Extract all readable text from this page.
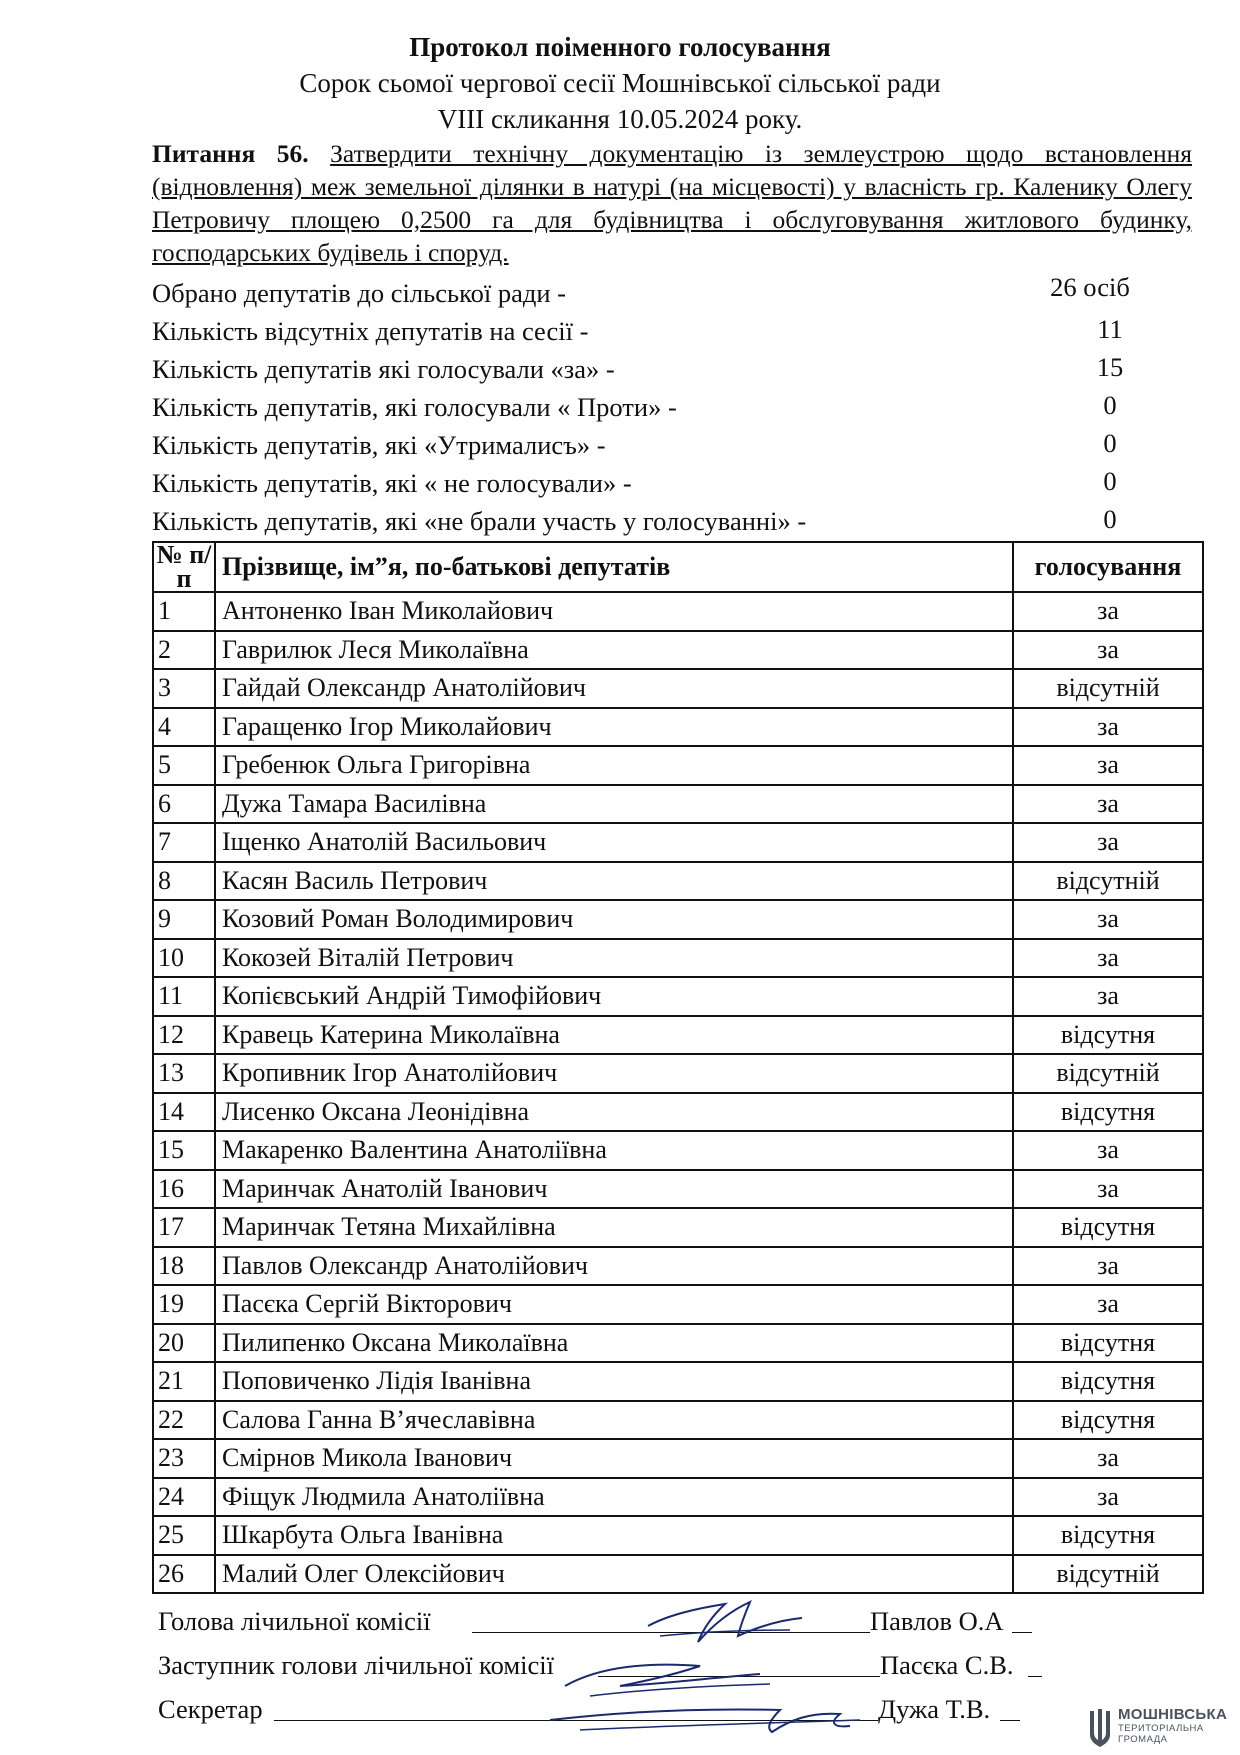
Протокол поіменного голосування
Сорок сьомої чергової сесії Мошнівської сільської ради
VIII скликання 10.05.2024 року.
Питання 56. Затвердити технічну документацію із землеустрою щодо встановлення (відновлення) меж земельної ділянки в натурі (на місцевості) у власність гр. Каленику Олегу Петровичу площею 0,2500 га для будівництва і обслуговування житлового будинку, господарських будівель і споруд.
Обрано депутатів до сільської ради -	26 осіб
Кількість відсутніх депутатів на сесії -	11
Кількість депутатів які голосували «за» -	15
Кількість депутатів, які голосували « Проти» -	0
Кількість депутатів, які «Утрималисъ» -	0
Кількість депутатів, які « не голосували» -	0
Кількість депутатів, які «не брали участь у голосуванні» -	0
№ п/п	Прізвище, ім”я, по-батькові депутатів	голосування
1	Антоненко Іван Миколайович	за
2	Гаврилюк Леся Миколаївна	за
3	Гайдай Олександр Анатолійович	відсутній
4	Гаращенко Ігор Миколайович	за
5	Гребенюк Ольга Григорівна	за
6	Дужа Тамара Василівна	за
7	Іщенко Анатолій Васильович	за
8	Касян Василь Петрович	відсутній
9	Козовий Роман Володимирович	за
10	Кокозей Віталій Петрович	за
11	Копієвський Андрій Тимофійович	за
12	Кравець Катерина Миколаївна	відсутня
13	Кропивник Ігор Анатолійович	відсутній
14	Лисенко Оксана Леонідівна	відсутня
15	Макаренко Валентина Анатоліївна	за
16	Маринчак Анатолій Іванович	за
17	Маринчак Тетяна Михайлівна	відсутня
18	Павлов Олександр Анатолійович	за
19	Пасєка Сергій Вікторович	за
20	Пилипенко Оксана Миколаївна	відсутня
21	Поповиченко Лідія Іванівна	відсутня
22	Салова Ганна В’ячеславівна	відсутня
23	Смірнов Микола Іванович	за
24	Фіщук Людмила Анатоліївна	за
25	Шкарбута Ольга Іванівна	відсутня
26	Малий Олег Олексійович	відсутній
Голова лічильної комісії	Павлов О.А
Заступник голови лічильної комісії	Пасєка С.В.
Секретар	Дужа Т.В.	МОШНІВСЬКА
ТЕРИТОРІАЛЬНА
ГРОМАДА
